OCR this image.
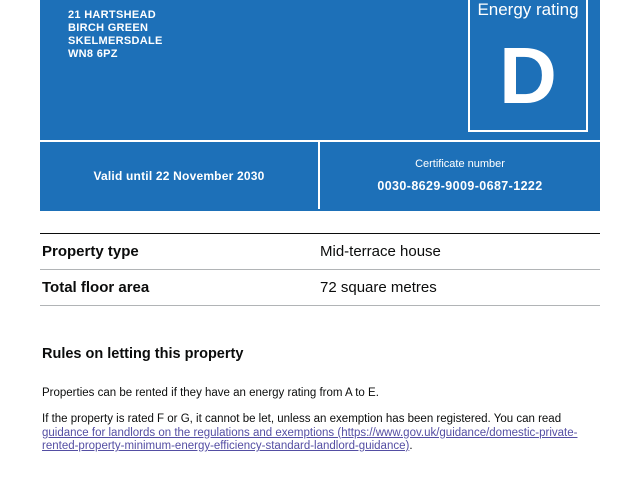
21 HARTSHEAD
BIRCH GREEN
SKELMERSDALE
WN8 6PZ
Energy rating
D
Valid until 22 November 2030
Certificate number
0030-8629-9009-0687-1222
Property type	Mid-terrace house
Total floor area	72 square metres
Rules on letting this property

Properties can be rented if they have an energy rating from A to E.

If the property is rated F or G, it cannot be let, unless an exemption has been registered. You can read guidance for landlords on the regulations and exemptions (https://www.gov.uk/guidance/domestic-private-rented-property-minimum-energy-efficiency-standard-landlord-guidance).
